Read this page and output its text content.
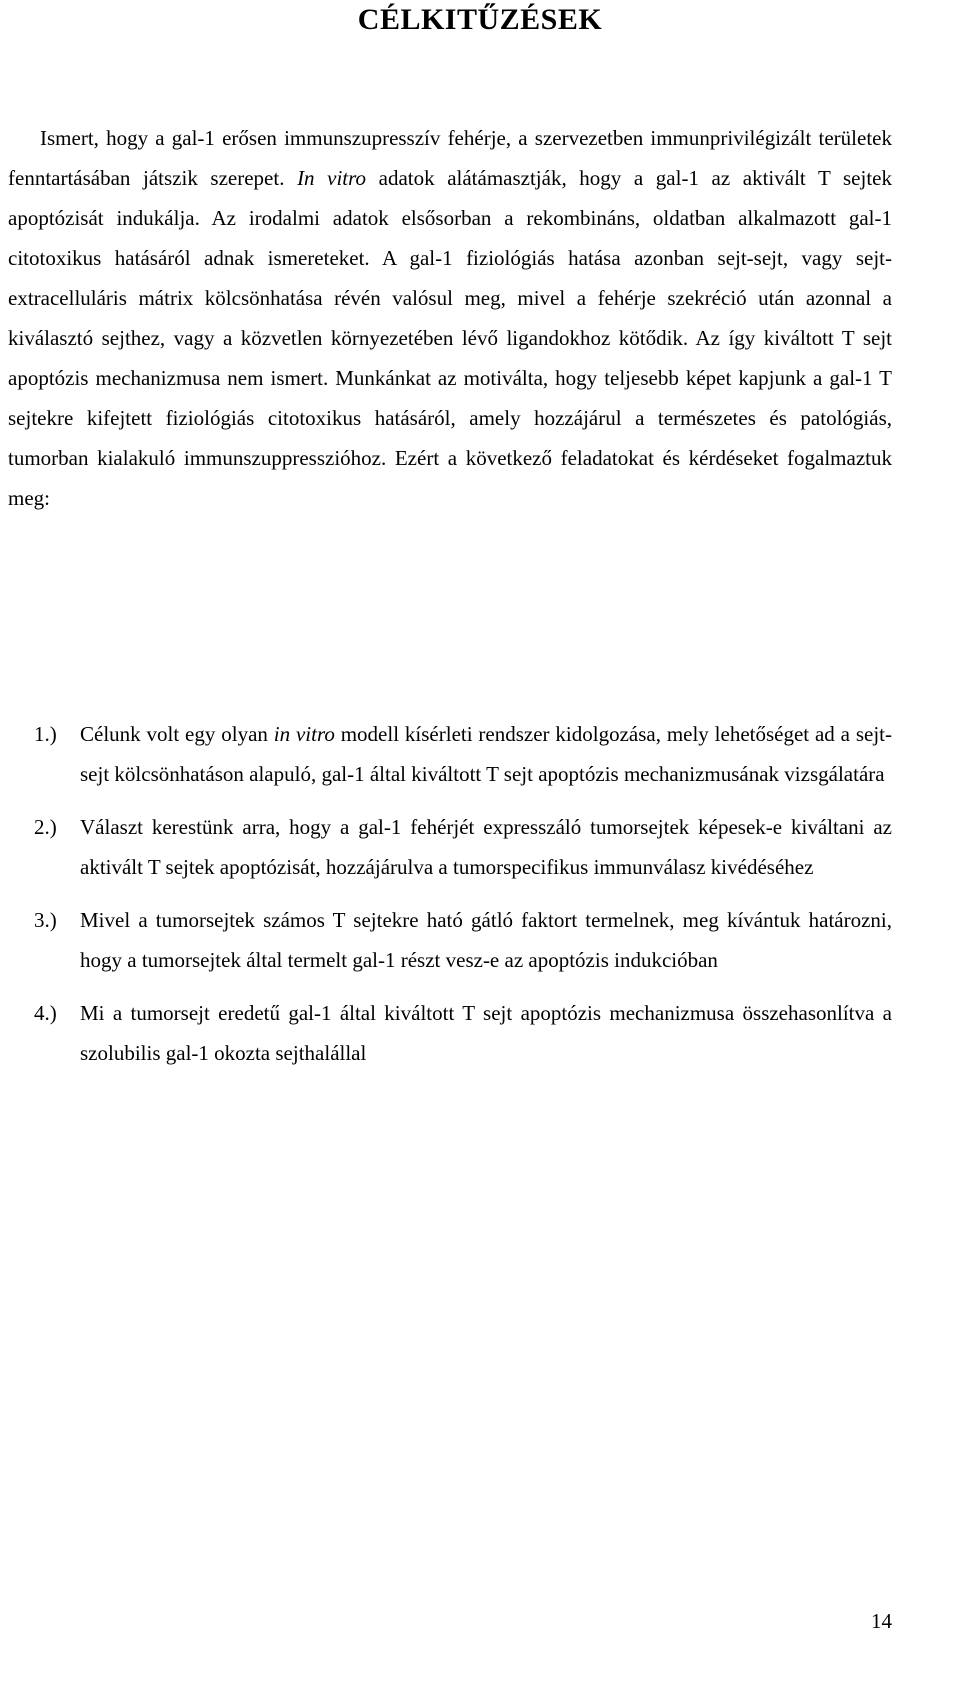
CÉLKITŰZÉSEK

Ismert, hogy a gal-1 erősen immunszupresszív fehérje, a szervezetben immunprivilégizált területek fenntartásában játszik szerepet. In vitro adatok alátámasztják, hogy a gal-1 az aktivált T sejtek apoptózisát indukálja. Az irodalmi adatok elsősorban a rekombináns, oldatban alkalmazott gal-1 citotoxikus hatásáról adnak ismereteket. A gal-1 fiziológiás hatása azonban sejt-sejt, vagy sejt-extracelluláris mátrix kölcsönhatása révén valósul meg, mivel a fehérje szekréció után azonnal a kiválasztó sejthez, vagy a közvetlen környezetében lévő ligandokhoz kötődik. Az így kiváltott T sejt apoptózis mechanizmusa nem ismert. Munkánkat az motiválta, hogy teljesebb képet kapjunk a gal-1 T sejtekre kifejtett fiziológiás citotoxikus hatásáról, amely hozzájárul a természetes és patológiás, tumorban kialakuló immunszuppresszióhoz. Ezért a következő feladatokat és kérdéseket fogalmaztuk meg:

1.) Célunk volt egy olyan in vitro modell kísérleti rendszer kidolgozása, mely lehetőséget ad a sejt-sejt kölcsönhatáson alapuló, gal-1 által kiváltott T sejt apoptózis mechanizmusának vizsgálatára
2.) Választ kerestünk arra, hogy a gal-1 fehérjét expresszáló tumorsejtek képesek-e kiváltani az aktivált T sejtek apoptózisát, hozzájárulva a tumorspecifikus immunválasz kivédéséhez
3.) Mivel a tumorsejtek számos T sejtekre ható gátló faktort termelnek, meg kívántuk határozni, hogy a tumorsejtek által termelt gal-1 részt vesz-e az apoptózis indukcióban
4.) Mi a tumorsejt eredetű gal-1 által kiváltott T sejt apoptózis mechanizmusa összehasonlítva a szolubilis gal-1 okozta sejthalállal
14
